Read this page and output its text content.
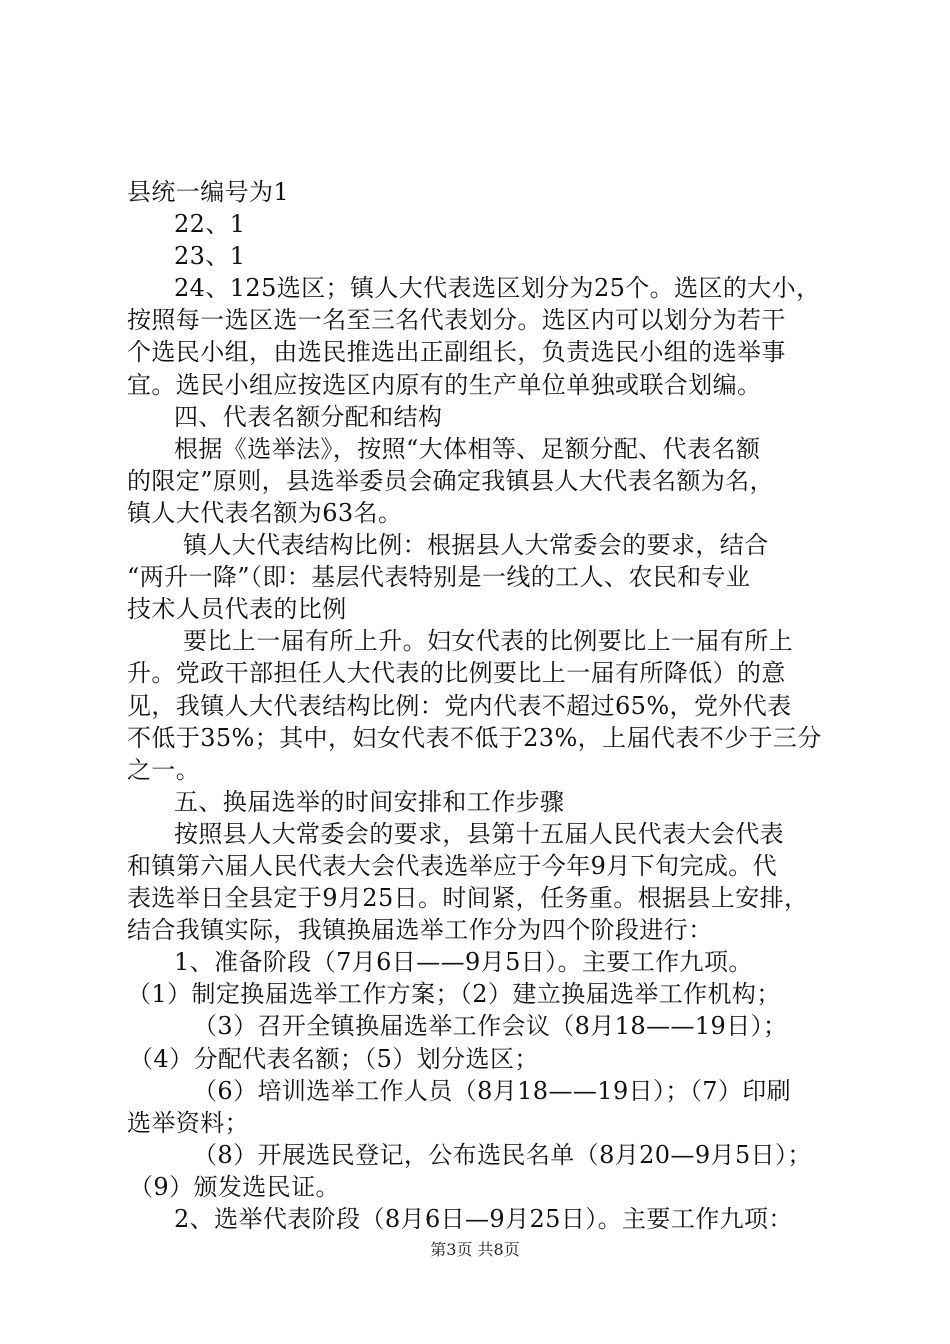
县统一编号为1
22、1
23、1
24、125选区；镇人大代表选区划分为25个。选区的大小，
按照每一选区选一名至三名代表划分。选区内可以划分为若干
个选民小组，由选民推选出正副组长，负责选民小组的选举事
宜。选民小组应按选区内原有的生产单位单独或联合划编。
四、代表名额分配和结构
根据《选举法》，按照“大体相等、足额分配、代表名额
的限定”原则，县选举委员会确定我镇县人大代表名额为名，
镇人大代表名额为63名。
镇人大代表结构比例：根据县人大常委会的要求，结合
“两升一降”（即：基层代表特别是一线的工人、农民和专业
技术人员代表的比例
要比上一届有所上升。妇女代表的比例要比上一届有所上
升。党政干部担任人大代表的比例要比上一届有所降低）的意
见，我镇人大代表结构比例：党内代表不超过65%，党外代表
不低于35%；其中，妇女代表不低于23%，上届代表不少于三分
之一。
五、换届选举的时间安排和工作步骤
按照县人大常委会的要求，县第十五届人民代表大会代表
和镇第六届人民代表大会代表选举应于今年9月下旬完成。代
表选举日全县定于9月25日。时间紧，任务重。根据县上安排，
结合我镇实际，我镇换届选举工作分为四个阶段进行：
1、准备阶段（7月6日——9月5日）。主要工作九项。
（1）制定换届选举工作方案；（2）建立换届选举工作机构；
（3）召开全镇换届选举工作会议（8月18——19日）；
（4）分配代表名额；（5）划分选区；
（6）培训选举工作人员（8月18——19日）；（7）印刷
选举资料；
（8）开展选民登记，公布选民名单（8月20—9月5日）；
（9）颁发选民证。
2、选举代表阶段（8月6日—9月25日）。主要工作九项：
第3页 共8页
